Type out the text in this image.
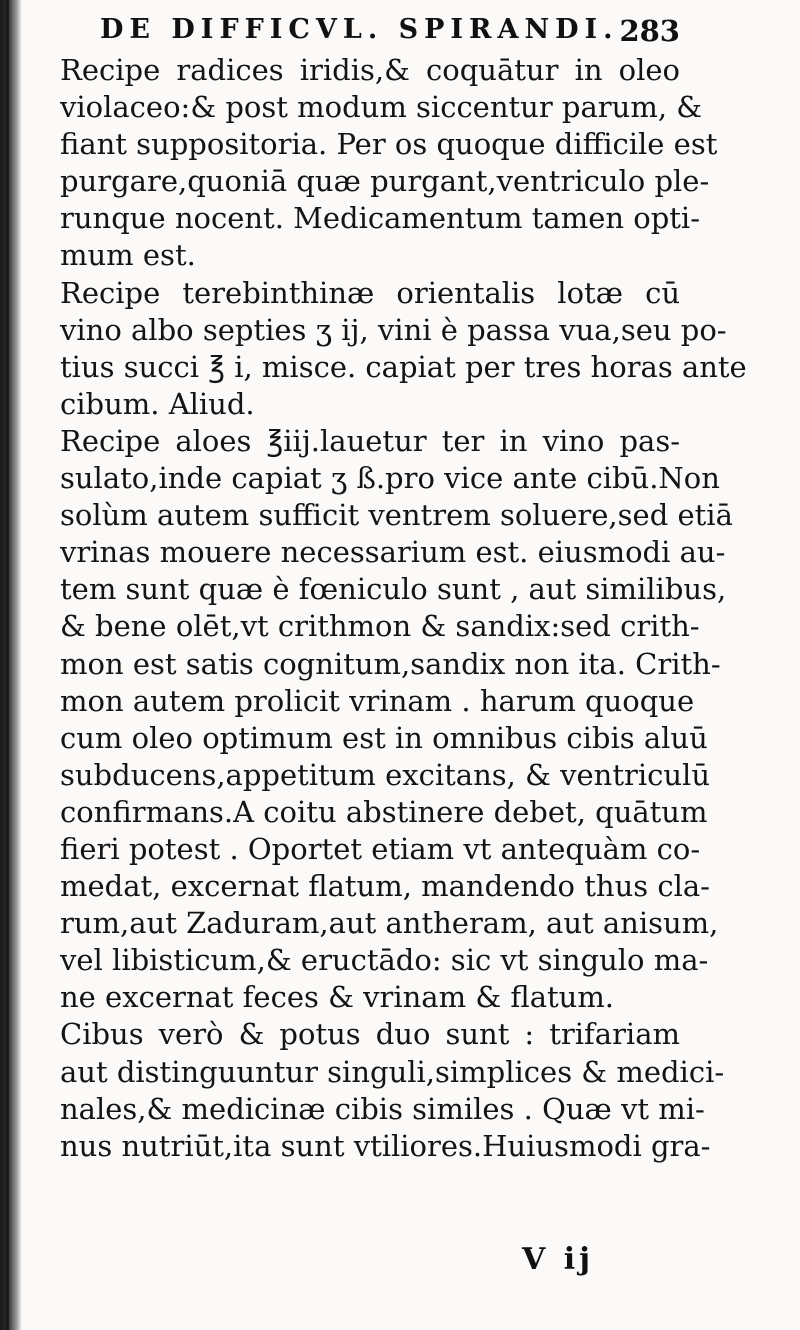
DE DIFFICVL. SPIRANDI. 283
Recipe radices iridis,& coquātur in oleo
violaceo:& post modum siccentur parum, &
fiant suppositoria. Per os quoque difficile est
purgare,quoniā quæ purgant,ventriculo ple-
runque nocent. Medicamentum tamen opti-
mum est.
Recipe terebinthinæ orientalis lotæ cū
vino albo septies ʒ ij, vini è passa vua,seu po-
tius succi ℥ i, misce. capiat per tres horas ante
cibum. Aliud.
Recipe aloes ℥iij.lauetur ter in vino pas-
sulato,inde capiat ʒ ß.pro vice ante cibū.Non
solùm autem sufficit ventrem soluere,sed etiā
vrinas mouere necessarium est. eiusmodi au-
tem sunt quæ è fœniculo sunt , aut similibus,
& bene olēt,vt crithmon & sandix:sed crith-
mon est satis cognitum,sandix non ita. Crith-
mon autem prolicit vrinam . harum quoque
cum oleo optimum est in omnibus cibis aluū
subducens,appetitum excitans, & ventriculū
confirmans.A coitu abstinere debet, quātum
fieri potest . Oportet etiam vt antequàm co-
medat, excernat flatum, mandendo thus cla-
rum,aut Zaduram,aut antheram, aut anisum,
vel libisticum,& eructādo: sic vt singulo ma-
ne excernat feces & vrinam & flatum.
Cibus verò & potus duo sunt : trifariam
aut distinguuntur singuli,simplices & medici-
nales,& medicinæ cibis similes . Quæ vt mi-
nus nutriūt,ita sunt vtiliores.Huiusmodi gra-
V ij
